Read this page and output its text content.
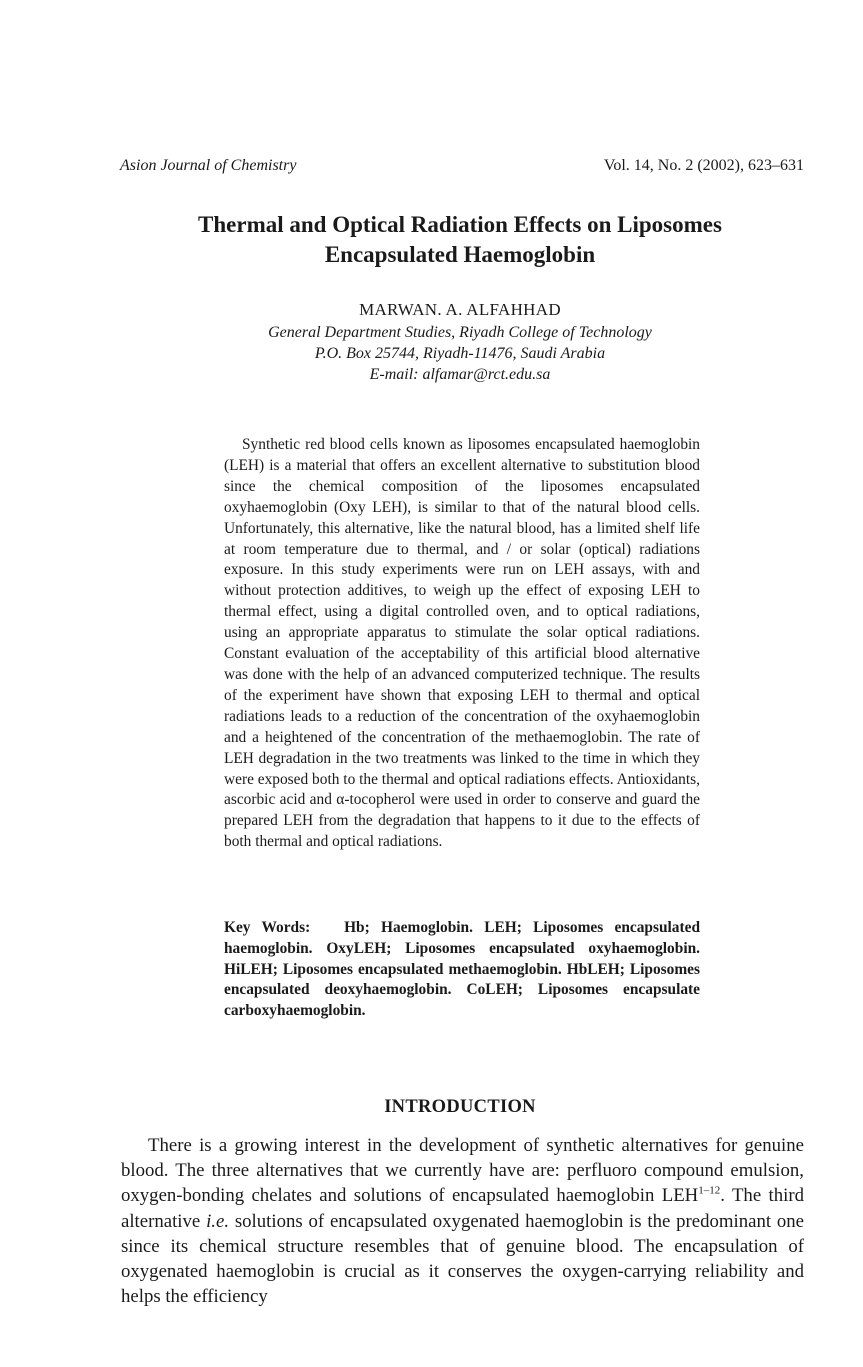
Asion Journal of Chemistry	Vol. 14, No. 2 (2002), 623–631
Thermal and Optical Radiation Effects on Liposomes
Encapsulated Haemoglobin
MARWAN. A. ALFAHHAD
General Department Studies, Riyadh College of Technology
P.O. Box 25744, Riyadh-11476, Saudi Arabia
E-mail: alfamar@rct.edu.sa

Synthetic red blood cells known as liposomes encapsulated haemoglobin (LEH) is a material that offers an excellent alternative to substitution blood since the chemical composition of the liposomes encapsulated oxyhaemoglobin (Oxy LEH), is similar to that of the natural blood cells. Unfortunately, this alternative, like the natural blood, has a limited shelf life at room temperature due to thermal, and / or solar (optical) radiations exposure. In this study experiments were run on LEH assays, with and without protection additives, to weigh up the effect of exposing LEH to thermal effect, using a digital controlled oven, and to optical radiations, using an appropriate apparatus to stimulate the solar optical radiations. Constant evaluation of the acceptability of this artificial blood alternative was done with the help of an advanced computerized technique. The results of the experiment have shown that exposing LEH to thermal and optical radiations leads to a reduction of the concentration of the oxyhaemoglobin and a heightened of the concentration of the methaemoglobin. The rate of LEH degradation in the two treatments was linked to the time in which they were exposed both to the thermal and optical radiations effects. Antioxidants, ascorbic acid and α-tocopherol were used in order to conserve and guard the prepared LEH from the degradation that happens to it due to the effects of both thermal and optical radiations.

Key Words: Hb; Haemoglobin. LEH; Liposomes encapsulated haemoglobin. OxyLEH; Liposomes encapsulated oxyhaemoglobin. HiLEH; Liposomes encapsulated methaemoglobin. HbLEH; Liposomes encapsulated deoxyhaemoglobin. CoLEH; Liposomes encapsulate carboxyhaemoglobin.

INTRODUCTION

There is a growing interest in the development of synthetic alternatives for genuine blood. The three alternatives that we currently have are: perfluoro compound emulsion, oxygen-bonding chelates and solutions of encapsulated haemoglobin LEH$^{1-12}$. The third alternative i.e. solutions of encapsulated oxygenated haemoglobin is the predominant one since its chemical structure resembles that of genuine blood. The encapsulation of oxygenated haemoglobin is crucial as it conserves the oxygen-carrying reliability and helps the efficiency
